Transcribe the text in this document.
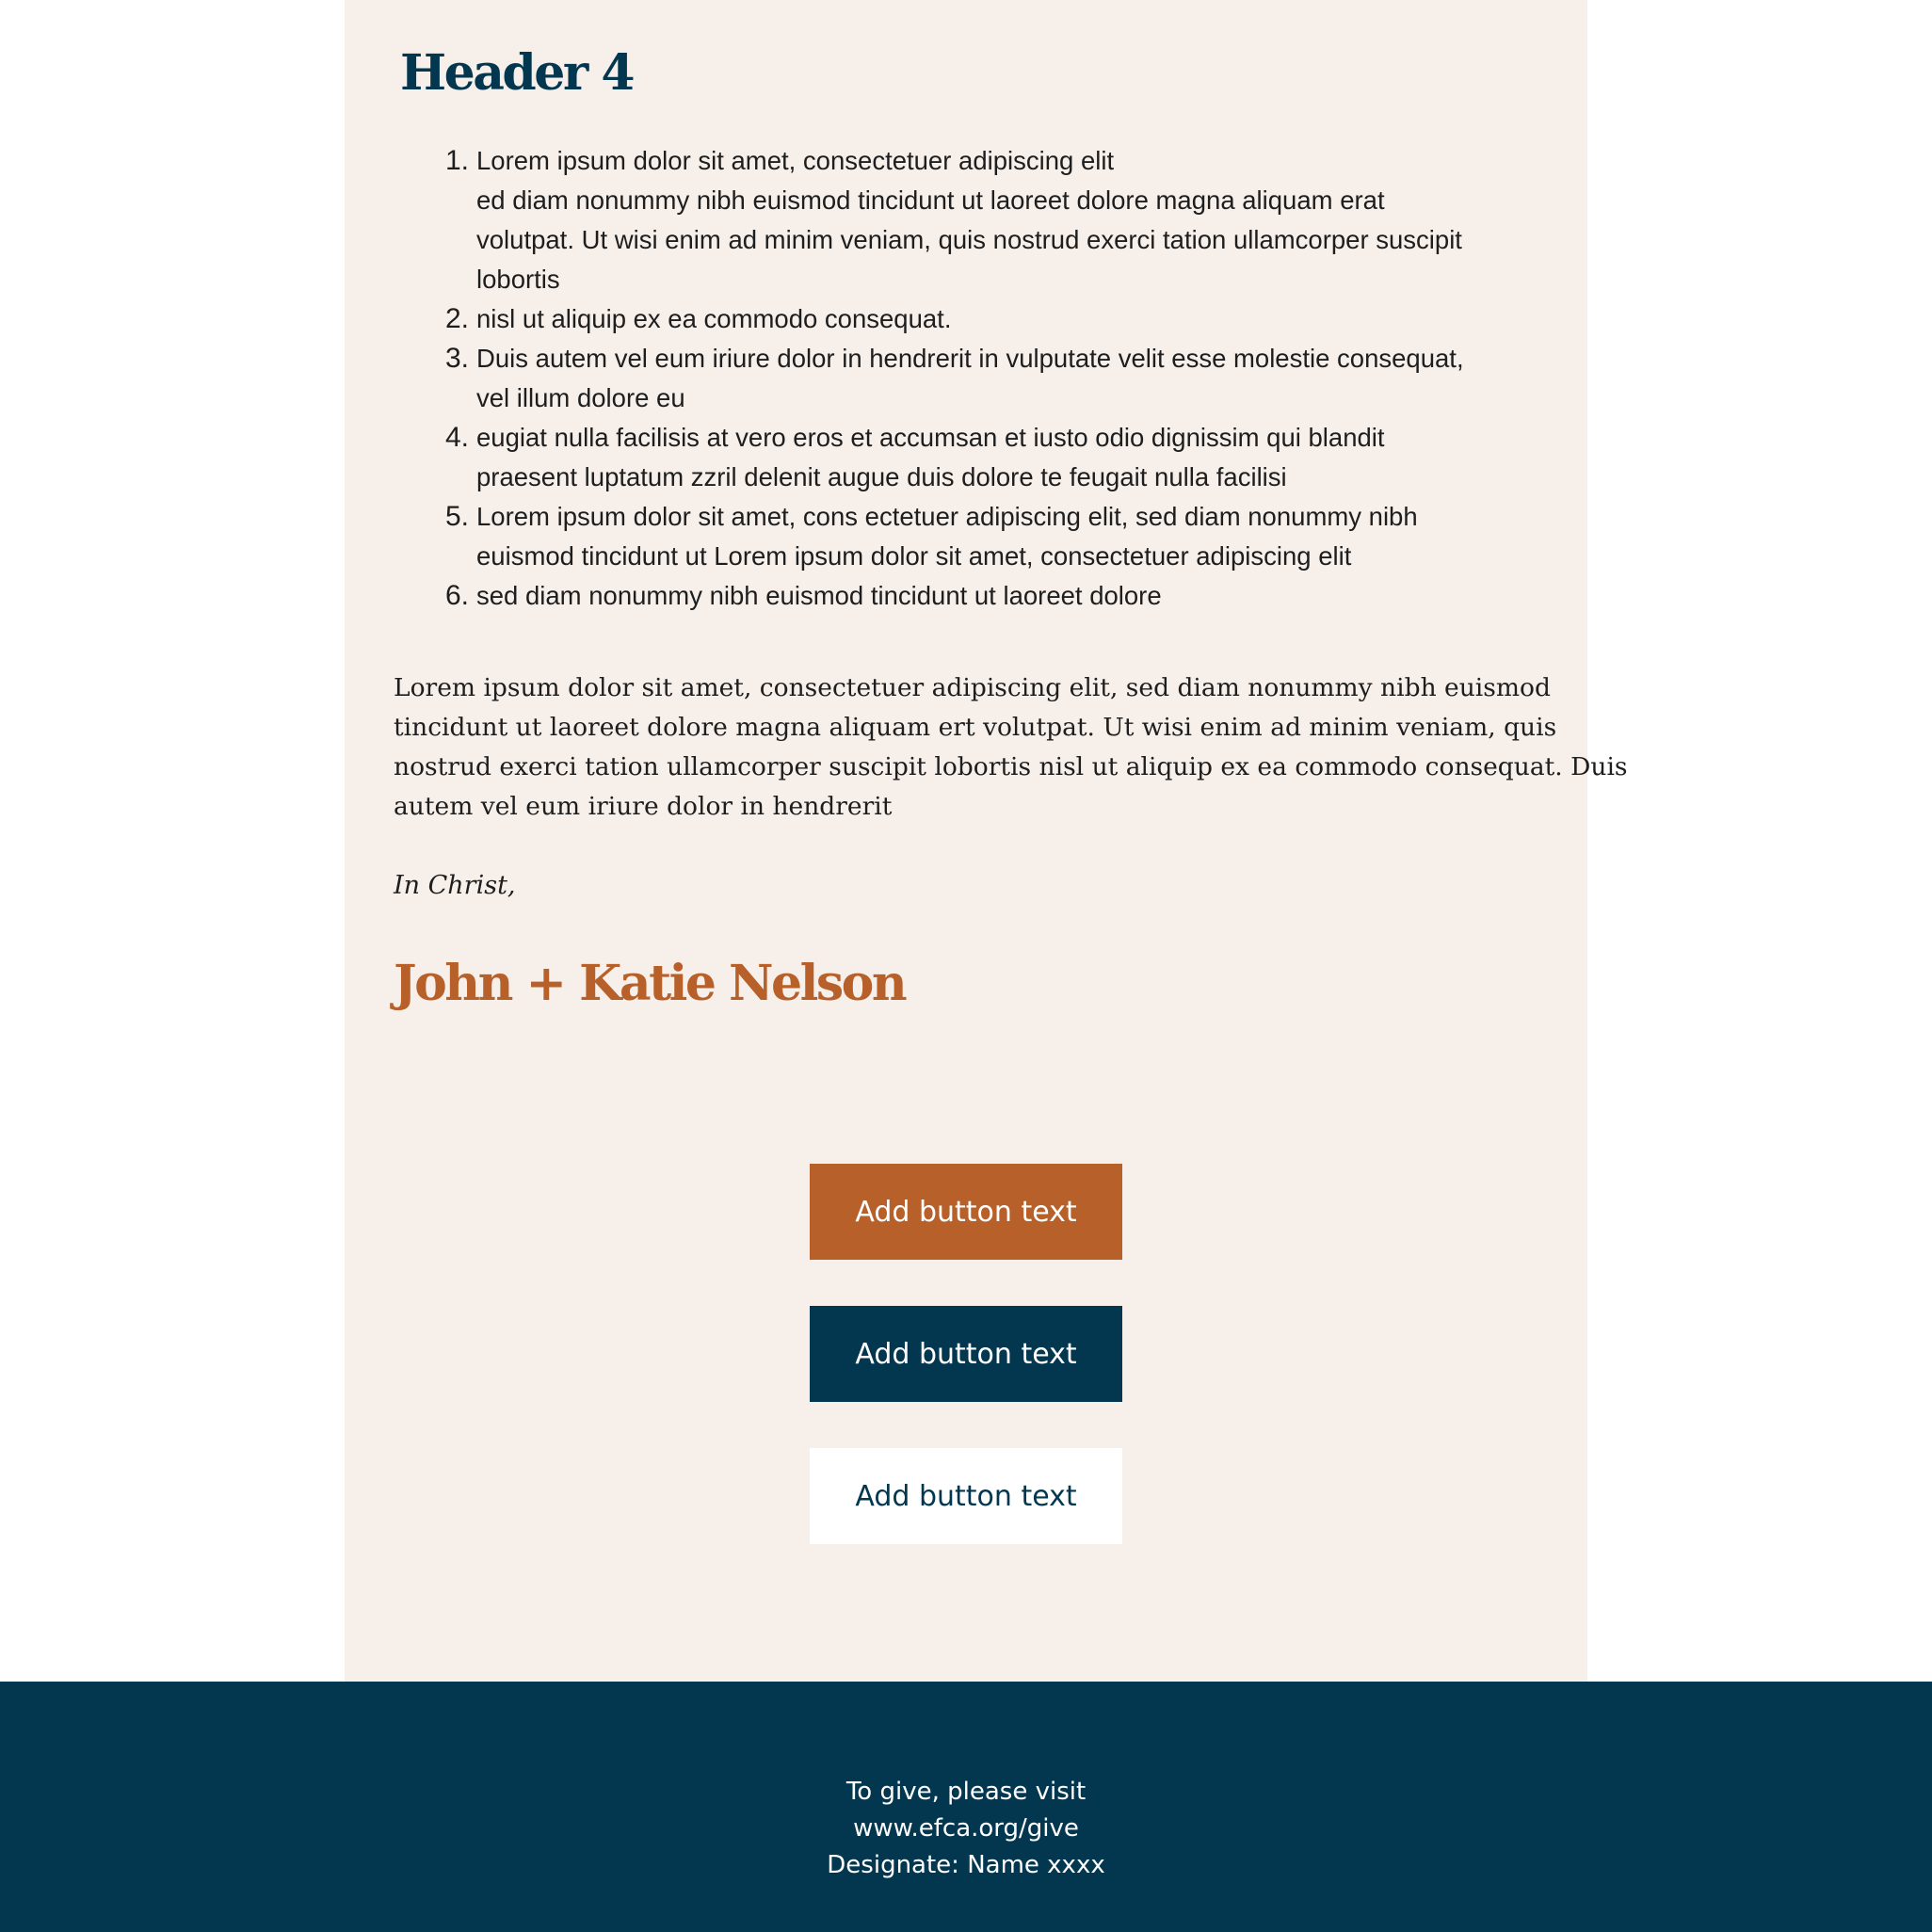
Header 4
1. Lorem ipsum dolor sit amet, consectetuer adipiscing elit
ed diam nonummy nibh euismod tincidunt ut laoreet dolore magna aliquam erat
volutpat. Ut wisi enim ad minim veniam, quis nostrud exerci tation ullamcorper suscipit
lobortis
2. nisl ut aliquip ex ea commodo consequat.
3. Duis autem vel eum iriure dolor in hendrerit in vulputate velit esse molestie consequat,
vel illum dolore eu
4. eugiat nulla facilisis at vero eros et accumsan et iusto odio dignissim qui blandit
praesent luptatum zzril delenit augue duis dolore te feugait nulla facilisi
5. Lorem ipsum dolor sit amet, cons ectetuer adipiscing elit, sed diam nonummy nibh
euismod tincidunt ut Lorem ipsum dolor sit amet, consectetuer adipiscing elit
6. sed diam nonummy nibh euismod tincidunt ut laoreet dolore

Lorem ipsum dolor sit amet, consectetuer adipiscing elit, sed diam nonummy nibh euismod
tincidunt ut laoreet dolore magna aliquam ert volutpat. Ut wisi enim ad minim veniam, quis
nostrud exerci tation ullamcorper suscipit lobortis nisl ut aliquip ex ea commodo consequat. Duis
autem vel eum iriure dolor in hendrerit

In Christ,

John + Katie Nelson
Add button text
Add button text
Add button text
To give, please visit
www.efca.org/give
Designate: Name xxxx
